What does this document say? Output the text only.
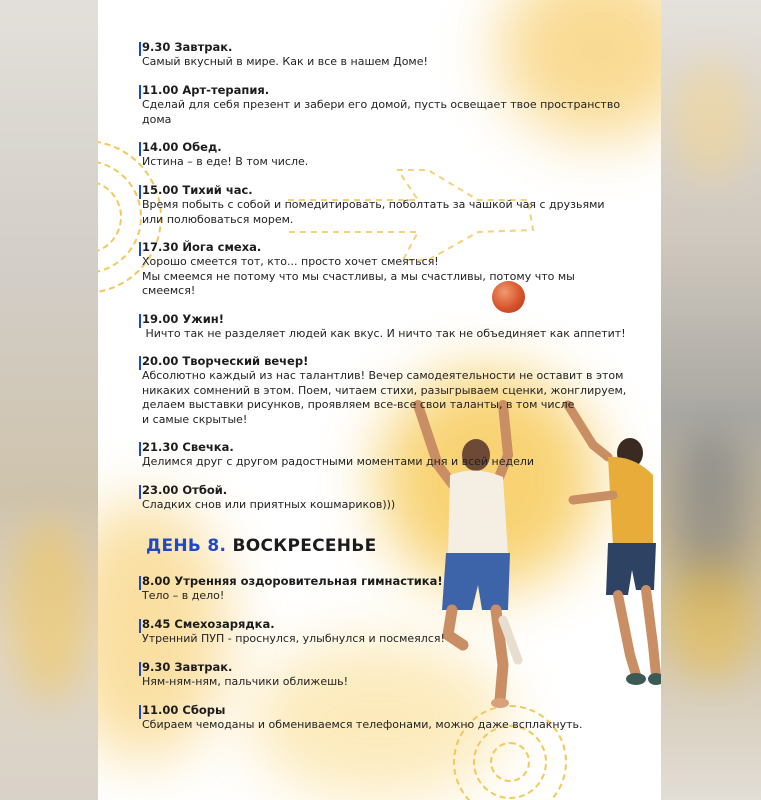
9.30 Завтрак.
Самый вкусный в мире. Как и все в нашем Доме!
11.00 Арт-терапия.
Сделай для себя презент и забери его домой, пусть освещает твое пространство
дома
14.00 Обед.
Истина – в еде! В том числе.
15.00 Тихий час.
Время побыть с собой и помедитировать, поболтать за чашкой чая с друзьями
или полюбоваться морем.
17.30 Йога смеха.
Хорошо смеется тот, кто... просто хочет смеяться!
Мы смеемся не потому что мы счастливы, а мы счастливы, потому что мы
смеемся!
19.00 Ужин!
Ничто так не разделяет людей как вкус. И ничто так не объединяет как аппетит!
20.00 Творческий вечер!
Абсолютно каждый из нас талантлив! Вечер самодеятельности не оставит в этом
никаких сомнений в этом. Поем, читаем стихи, разыгрываем сценки, жонглируем,
делаем выставки рисунков, проявляем все-все свои таланты, в том числе
и самые скрытые!
21.30 Свечка.
Делимся друг с другом радостными моментами дня и всей недели
23.00 Отбой.
Сладких снов или приятных кошмариков)))
ДЕНЬ 8. ВОСКРЕСЕНЬЕ
8.00 Утренняя оздоровительная гимнастика!
Тело – в дело!
8.45 Смехозарядка.
Утренний ПУП - проснулся, улыбнулся и посмеялся!
9.30 Завтрак.
Ням-ням-ням, пальчики оближешь!
11.00 Сборы
Сбираем чемоданы и обмениваемся телефонами, можно даже всплакнуть.
